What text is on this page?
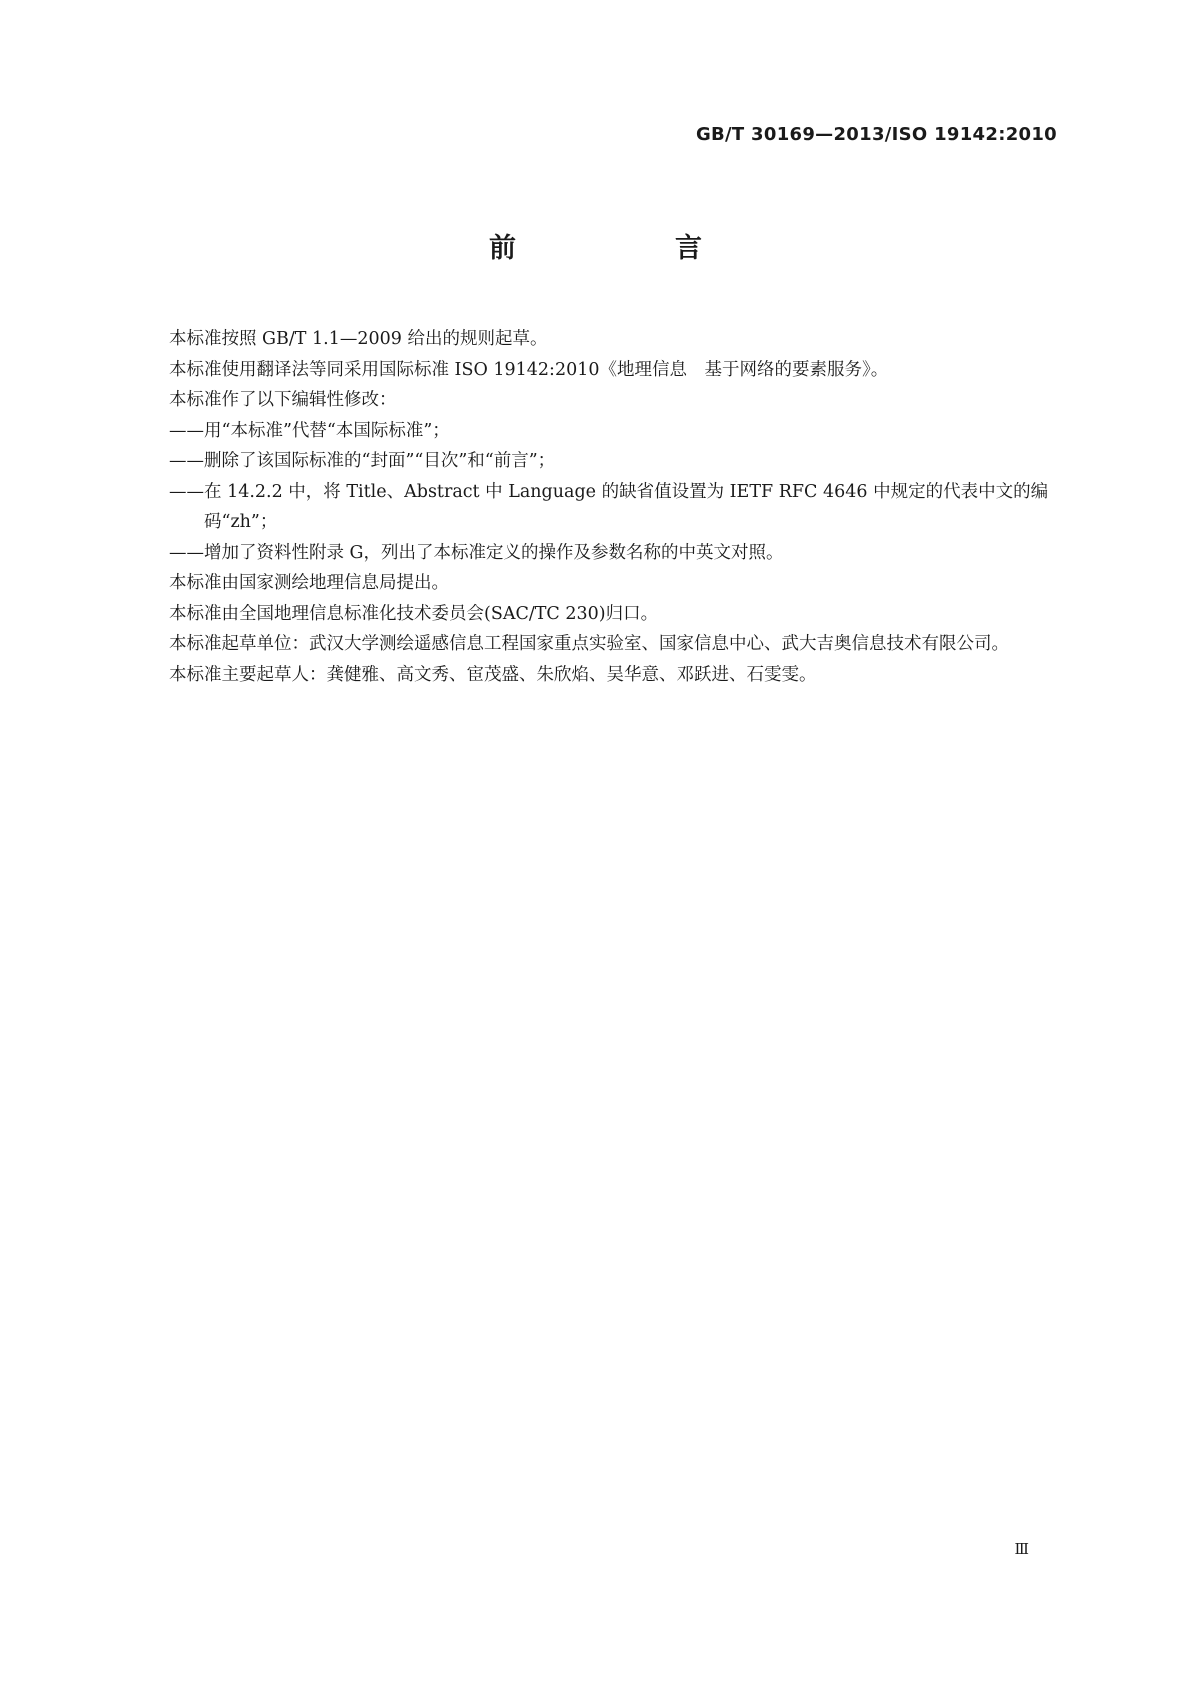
GB/T 30169—2013/ISO 19142:2010
前　言

本标准按照 GB/T 1.1—2009 给出的规则起草。

本标准使用翻译法等同采用国际标准 ISO 19142:2010《地理信息　基于网络的要素服务》。

本标准作了以下编辑性修改：

——用“本标准”代替“本国际标准”；

——删除了该国际标准的“封面”“目次”和“前言”；

——在 14.2.2 中，将 Title、Abstract 中 Language 的缺省值设置为 IETF RFC 4646 中规定的代表中文的编码“zh”；

——增加了资料性附录 G，列出了本标准定义的操作及参数名称的中英文对照。

本标准由国家测绘地理信息局提出。

本标准由全国地理信息标准化技术委员会(SAC/TC 230)归口。

本标准起草单位：武汉大学测绘遥感信息工程国家重点实验室、国家信息中心、武大吉奥信息技术有限公司。

本标准主要起草人：龚健雅、高文秀、宦茂盛、朱欣焰、吴华意、邓跃进、石雯雯。

Ⅲ
